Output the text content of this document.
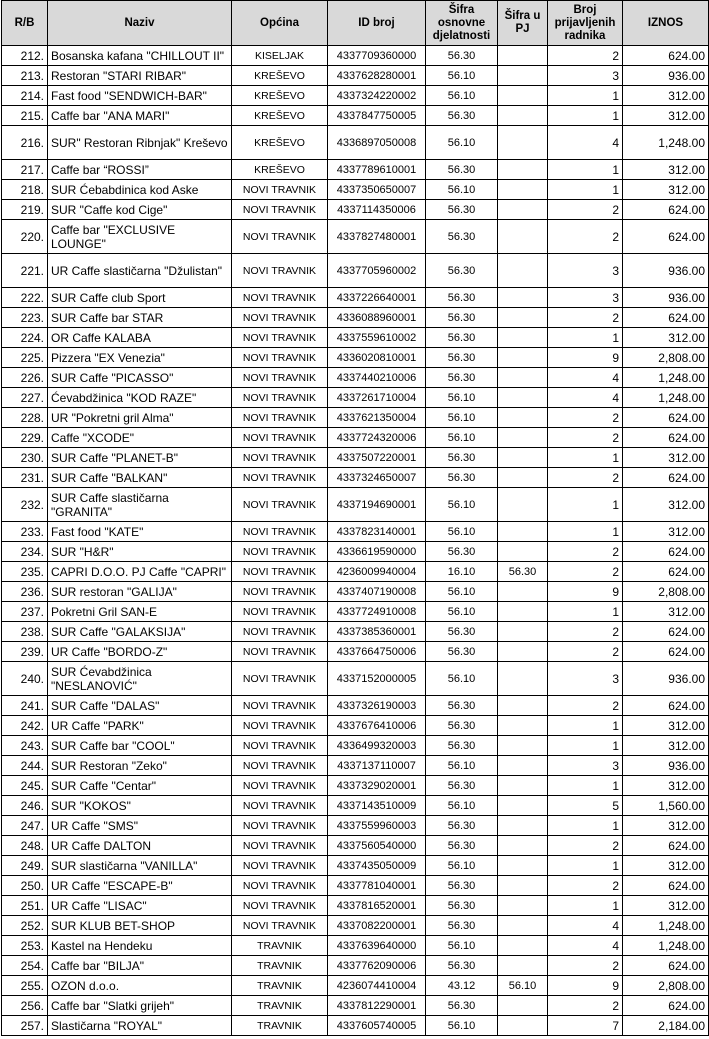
R/B	Naziv	Općina	ID broj	Šifra osnovne djelatnosti	Šifra u PJ	Broj prijavljenih radnika	IZNOS
212.	Bosanska kafana "CHILLOUT II"	KISELJAK	4337709360000	56.30		2	624.00
213.	Restoran "STARI RIBAR"	KREŠEVO	4337628280001	56.10		3	936.00
214.	Fast food "SENDWICH-BAR"	KREŠEVO	4337324220002	56.10		1	312.00
215.	Caffe bar "ANA MARI"	KREŠEVO	4337847750005	56.30		1	312.00
216.	SUR" Restoran Ribnjak" Kreševo	KREŠEVO	4336897050008	56.10		4	1,248.00
217.	Caffe bar “ROSSI”	KREŠEVO	4337789610001	56.30		1	312.00
218.	SUR Ćebabdinica kod Aske	NOVI TRAVNIK	4337350650007	56.10		1	312.00
219.	SUR "Caffe kod Cige"	NOVI TRAVNIK	4337114350006	56.30		2	624.00
220.	Caffe bar "EXCLUSIVE LOUNGE"	NOVI TRAVNIK	4337827480001	56.30		2	624.00
221.	UR Caffe slastičarna "Džulistan"	NOVI TRAVNIK	4337705960002	56.30		3	936.00
222.	SUR Caffe club Sport	NOVI TRAVNIK	4337226640001	56.30		3	936.00
223.	SUR Caffe bar STAR	NOVI TRAVNIK	4336088960001	56.30		2	624.00
224.	OR Caffe KALABA	NOVI TRAVNIK	4337559610002	56.30		1	312.00
225.	Pizzera "EX Venezia"	NOVI TRAVNIK	4336020810001	56.30		9	2,808.00
226.	SUR Caffe "PICASSO"	NOVI TRAVNIK	4337440210006	56.30		4	1,248.00
227.	Ćevabdžinica "KOD RAZE"	NOVI TRAVNIK	4337261710004	56.10		4	1,248.00
228.	UR "Pokretni gril Alma"	NOVI TRAVNIK	4337621350004	56.10		2	624.00
229.	Caffe "XCODE"	NOVI TRAVNIK	4337724320006	56.10		2	624.00
230.	SUR Caffe "PLANET-B"	NOVI TRAVNIK	4337507220001	56.30		1	312.00
231.	SUR Caffe "BALKAN"	NOVI TRAVNIK	4337324650007	56.30		2	624.00
232.	SUR Caffe slastičarna "GRANITA"	NOVI TRAVNIK	4337194690001	56.10		1	312.00
233.	Fast food "KATE"	NOVI TRAVNIK	4337823140001	56.10		1	312.00
234.	SUR "H&R"	NOVI TRAVNIK	4336619590000	56.30		2	624.00
235.	CAPRI D.O.O. PJ Caffe "CAPRI"	NOVI TRAVNIK	4236009940004	16.10	56.30	2	624.00
236.	SUR restoran "GALIJA"	NOVI TRAVNIK	4337407190008	56.10		9	2,808.00
237.	Pokretni Gril SAN-E	NOVI TRAVNIK	4337724910008	56.10		1	312.00
238.	SUR Caffe "GALAKSIJA"	NOVI TRAVNIK	4337385360001	56.30		2	624.00
239.	UR Caffe "BORDO-Z"	NOVI TRAVNIK	4337664750006	56.30		2	624.00
240.	SUR Ćevabdžinica "NESLANOVIĆ"	NOVI TRAVNIK	4337152000005	56.10		3	936.00
241.	SUR Caffe "DALAS"	NOVI TRAVNIK	4337326190003	56.30		2	624.00
242.	UR Caffe "PARK"	NOVI TRAVNIK	4337676410006	56.30		1	312.00
243.	SUR Caffe bar "COOL"	NOVI TRAVNIK	4336499320003	56.30		1	312.00
244.	SUR Restoran "Zeko"	NOVI TRAVNIK	4337137110007	56.10		3	936.00
245.	SUR Caffe "Centar"	NOVI TRAVNIK	4337329020001	56.30		1	312.00
246.	SUR "KOKOS"	NOVI TRAVNIK	4337143510009	56.10		5	1,560.00
247.	UR Caffe "SMS"	NOVI TRAVNIK	4337559960003	56.30		1	312.00
248.	UR Caffe DALTON	NOVI TRAVNIK	4337560540000	56.30		2	624.00
249.	SUR slastičarna "VANILLA"	NOVI TRAVNIK	4337435050009	56.10		1	312.00
250.	UR Caffe "ESCAPE-B"	NOVI TRAVNIK	4337781040001	56.30		2	624.00
251.	UR Caffe "LISAC"	NOVI TRAVNIK	4337816520001	56.30		1	312.00
252.	SUR KLUB BET-SHOP	NOVI TRAVNIK	4337082200001	56.30		4	1,248.00
253.	Kastel na Hendeku	TRAVNIK	4337639640000	56.10		4	1,248.00
254.	Caffe bar "BILJA"	TRAVNIK	4337762090006	56.30		2	624.00
255.	OZON d.o.o.	TRAVNIK	4236074410004	43.12	56.10	9	2,808.00
256.	Caffe bar "Slatki grijeh"	TRAVNIK	4337812290001	56.30		2	624.00
257.	Slastičarna "ROYAL"	TRAVNIK	4337605740005	56.10		7	2,184.00
